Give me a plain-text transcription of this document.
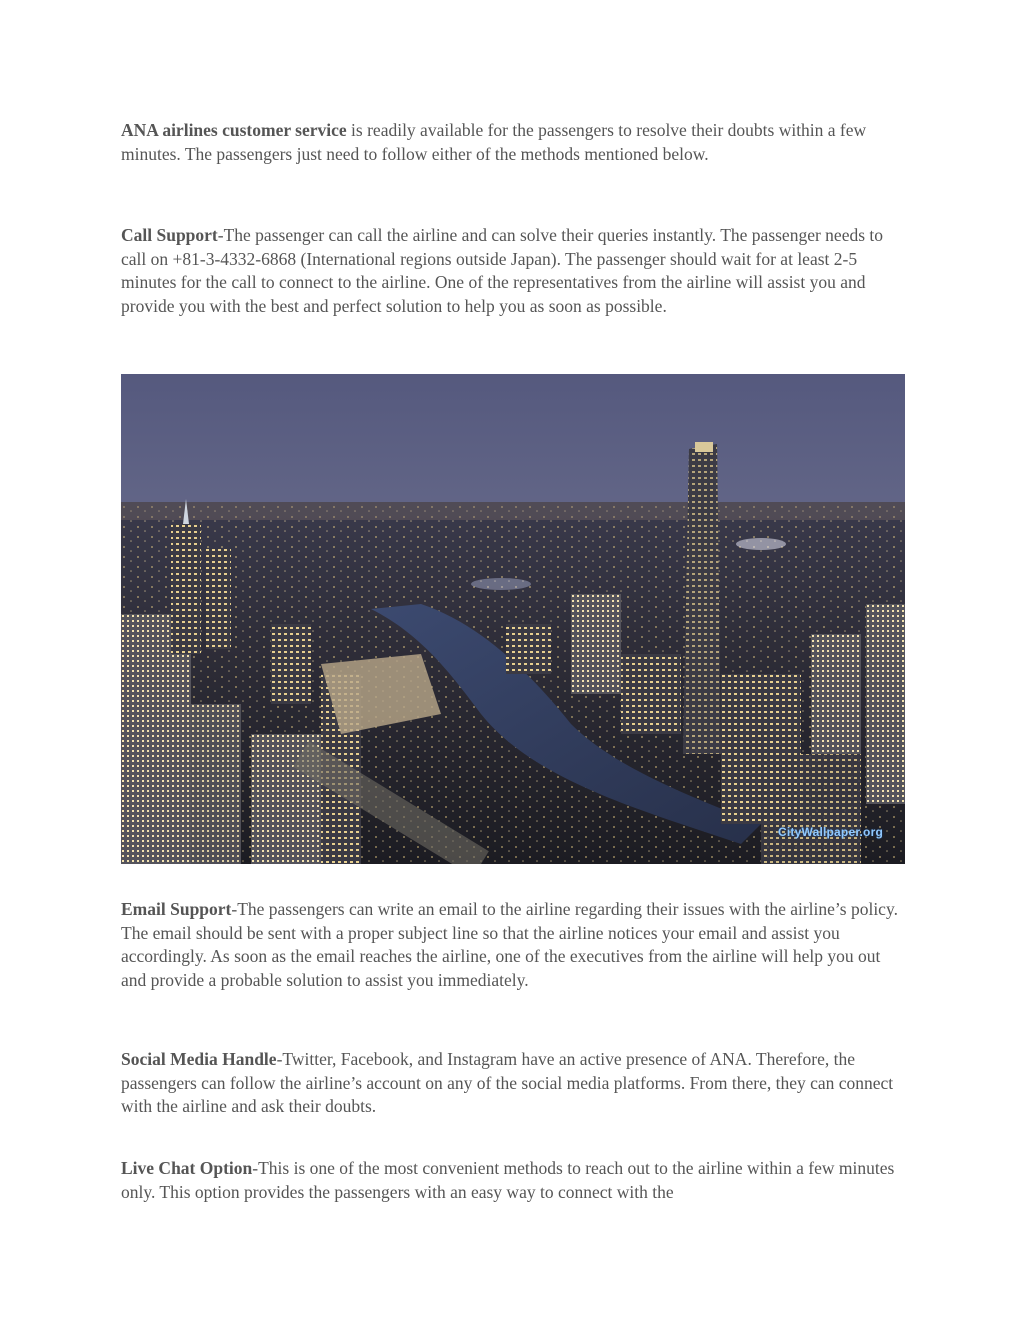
ANA airlines customer service is readily available for the passengers to resolve their doubts within a few minutes. The passengers just need to follow either of the methods mentioned below.

Call Support-The passenger can call the airline and can solve their queries instantly. The passenger needs to call on +81-3-4332-6868 (International regions outside Japan). The passenger should wait for at least 2-5 minutes for the call to connect to the airline. One of the representatives from the airline will assist you and provide you with the best and perfect solution to help you as soon as possible.

CityWallpaper.org

Email Support-The passengers can write an email to the airline regarding their issues with the airline’s policy. The email should be sent with a proper subject line so that the airline notices your email and assist you accordingly. As soon as the email reaches the airline, one of the executives from the airline will help you out and provide a probable solution to assist you immediately.

Social Media Handle-Twitter, Facebook, and Instagram have an active presence of ANA. Therefore, the passengers can follow the airline’s account on any of the social media platforms. From there, they can connect with the airline and ask their doubts.

Live Chat Option-This is one of the most convenient methods to reach out to the airline within a few minutes only. This option provides the passengers with an easy way to connect with the
